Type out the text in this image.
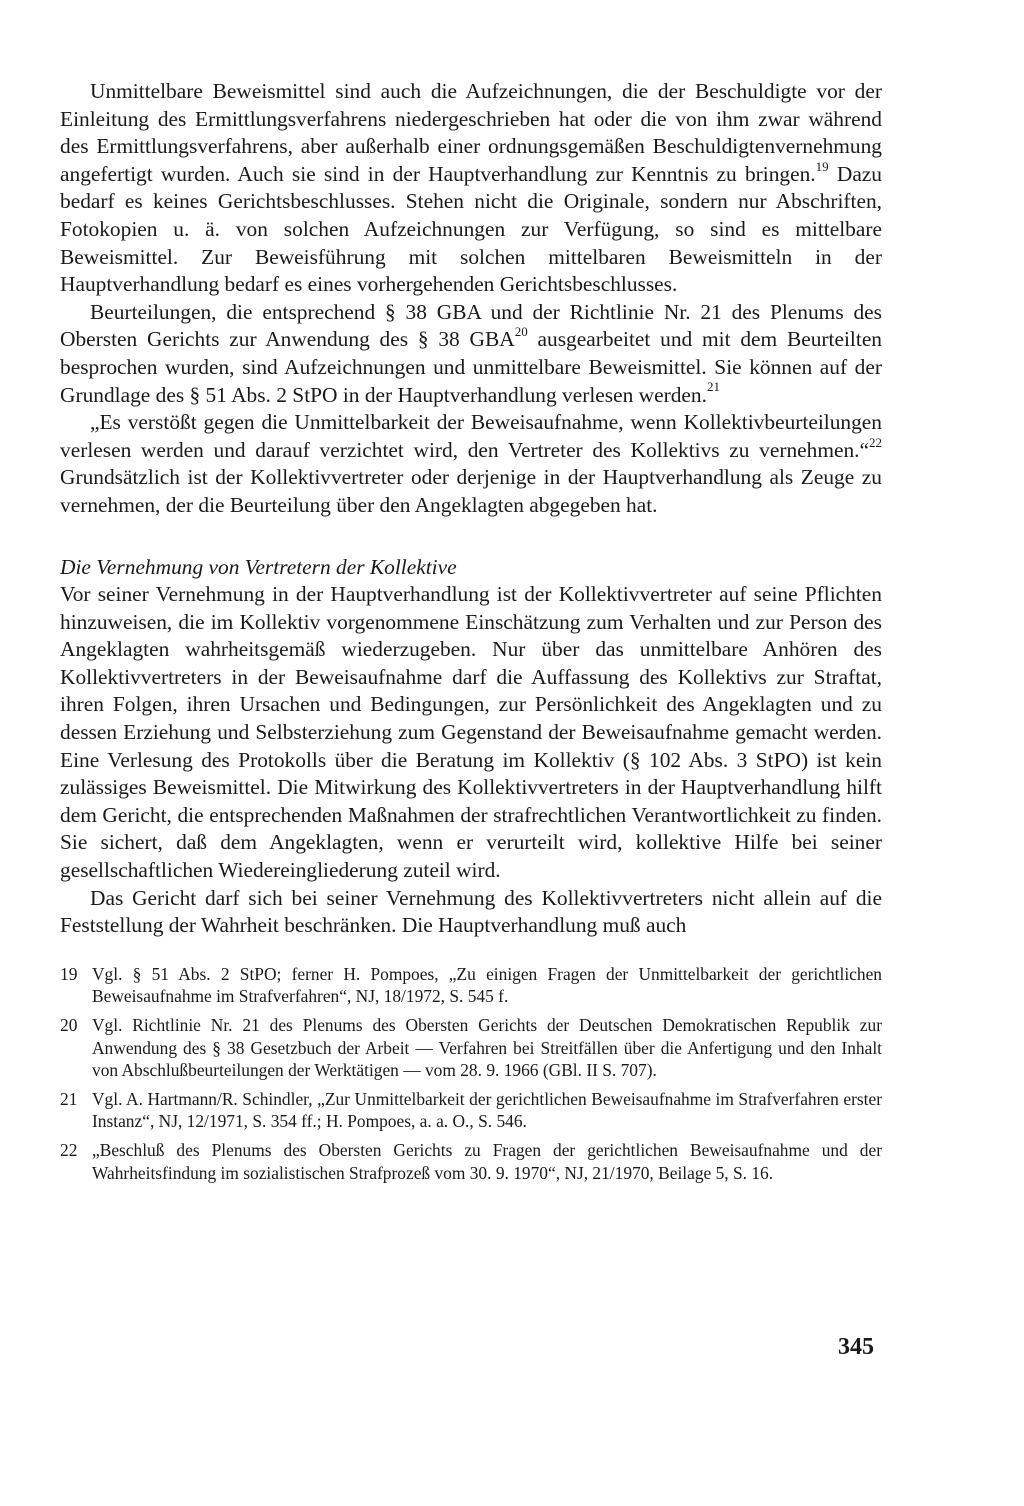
Unmittelbare Beweismittel sind auch die Aufzeichnungen, die der Beschuldigte vor der Einleitung des Ermittlungsverfahrens niedergeschrieben hat oder die von ihm zwar während des Ermittlungsverfahrens, aber außerhalb einer ordnungsgemäßen Beschuldigtenvernehmung angefertigt wurden. Auch sie sind in der Hauptverhandlung zur Kenntnis zu bringen.$^{19}$ Dazu bedarf es keines Gerichtsbeschlusses. Stehen nicht die Originale, sondern nur Abschriften, Fotokopien u. ä. von solchen Aufzeichnungen zur Verfügung, so sind es mittelbare Beweismittel. Zur Beweisführung mit solchen mittelbaren Beweismitteln in der Hauptverhandlung bedarf es eines vorhergehenden Gerichtsbeschlusses.

Beurteilungen, die entsprechend § 38 GBA und der Richtlinie Nr. 21 des Plenums des Obersten Gerichts zur Anwendung des § 38 GBA$^{20}$ ausgearbeitet und mit dem Beurteilten besprochen wurden, sind Aufzeichnungen und unmittelbare Beweismittel. Sie können auf der Grundlage des § 51 Abs. 2 StPO in der Hauptverhandlung verlesen werden.$^{21}$

„Es verstößt gegen die Unmittelbarkeit der Beweisaufnahme, wenn Kollektivbeurteilungen verlesen werden und darauf verzichtet wird, den Vertreter des Kollektivs zu vernehmen.“$^{22}$ Grundsätzlich ist der Kollektivvertreter oder derjenige in der Hauptverhandlung als Zeuge zu vernehmen, der die Beurteilung über den Angeklagten abgegeben hat.

Die Vernehmung von Vertretern der Kollektive

Vor seiner Vernehmung in der Hauptverhandlung ist der Kollektivvertreter auf seine Pflichten hinzuweisen, die im Kollektiv vorgenommene Einschätzung zum Verhalten und zur Person des Angeklagten wahrheitsgemäß wiederzugeben. Nur über das unmittelbare Anhören des Kollektivvertreters in der Beweisaufnahme darf die Auffassung des Kollektivs zur Straftat, ihren Folgen, ihren Ursachen und Bedingungen, zur Persönlichkeit des Angeklagten und zu dessen Erziehung und Selbsterziehung zum Gegenstand der Beweisaufnahme gemacht werden. Eine Verlesung des Protokolls über die Beratung im Kollektiv (§ 102 Abs. 3 StPO) ist kein zulässiges Beweismittel. Die Mitwirkung des Kollektivvertreters in der Hauptverhandlung hilft dem Gericht, die entsprechenden Maßnahmen der strafrechtlichen Verantwortlichkeit zu finden. Sie sichert, daß dem Angeklagten, wenn er verurteilt wird, kollektive Hilfe bei seiner gesellschaftlichen Wiedereingliederung zuteil wird.

Das Gericht darf sich bei seiner Vernehmung des Kollektivvertreters nicht allein auf die Feststellung der Wahrheit beschränken. Die Hauptverhandlung muß auch

19 Vgl. § 51 Abs. 2 StPO; ferner H. Pompoes, „Zu einigen Fragen der Unmittelbarkeit der gerichtlichen Beweisaufnahme im Strafverfahren“, NJ, 18/1972, S. 545 f.
20 Vgl. Richtlinie Nr. 21 des Plenums des Obersten Gerichts der Deutschen Demokratischen Republik zur Anwendung des § 38 Gesetzbuch der Arbeit — Verfahren bei Streitfällen über die Anfertigung und den Inhalt von Abschlußbeurteilungen der Werktätigen — vom 28. 9. 1966 (GBl. II S. 707).
21 Vgl. A. Hartmann/R. Schindler, „Zur Unmittelbarkeit der gerichtlichen Beweisaufnahme im Strafverfahren erster Instanz“, NJ, 12/1971, S. 354 ff.; H. Pompoes, a. a. O., S. 546.
22 „Beschluß des Plenums des Obersten Gerichts zu Fragen der gerichtlichen Beweisaufnahme und der Wahrheitsfindung im sozialistischen Strafprozeß vom 30. 9. 1970“, NJ, 21/1970, Beilage 5, S. 16.
345
